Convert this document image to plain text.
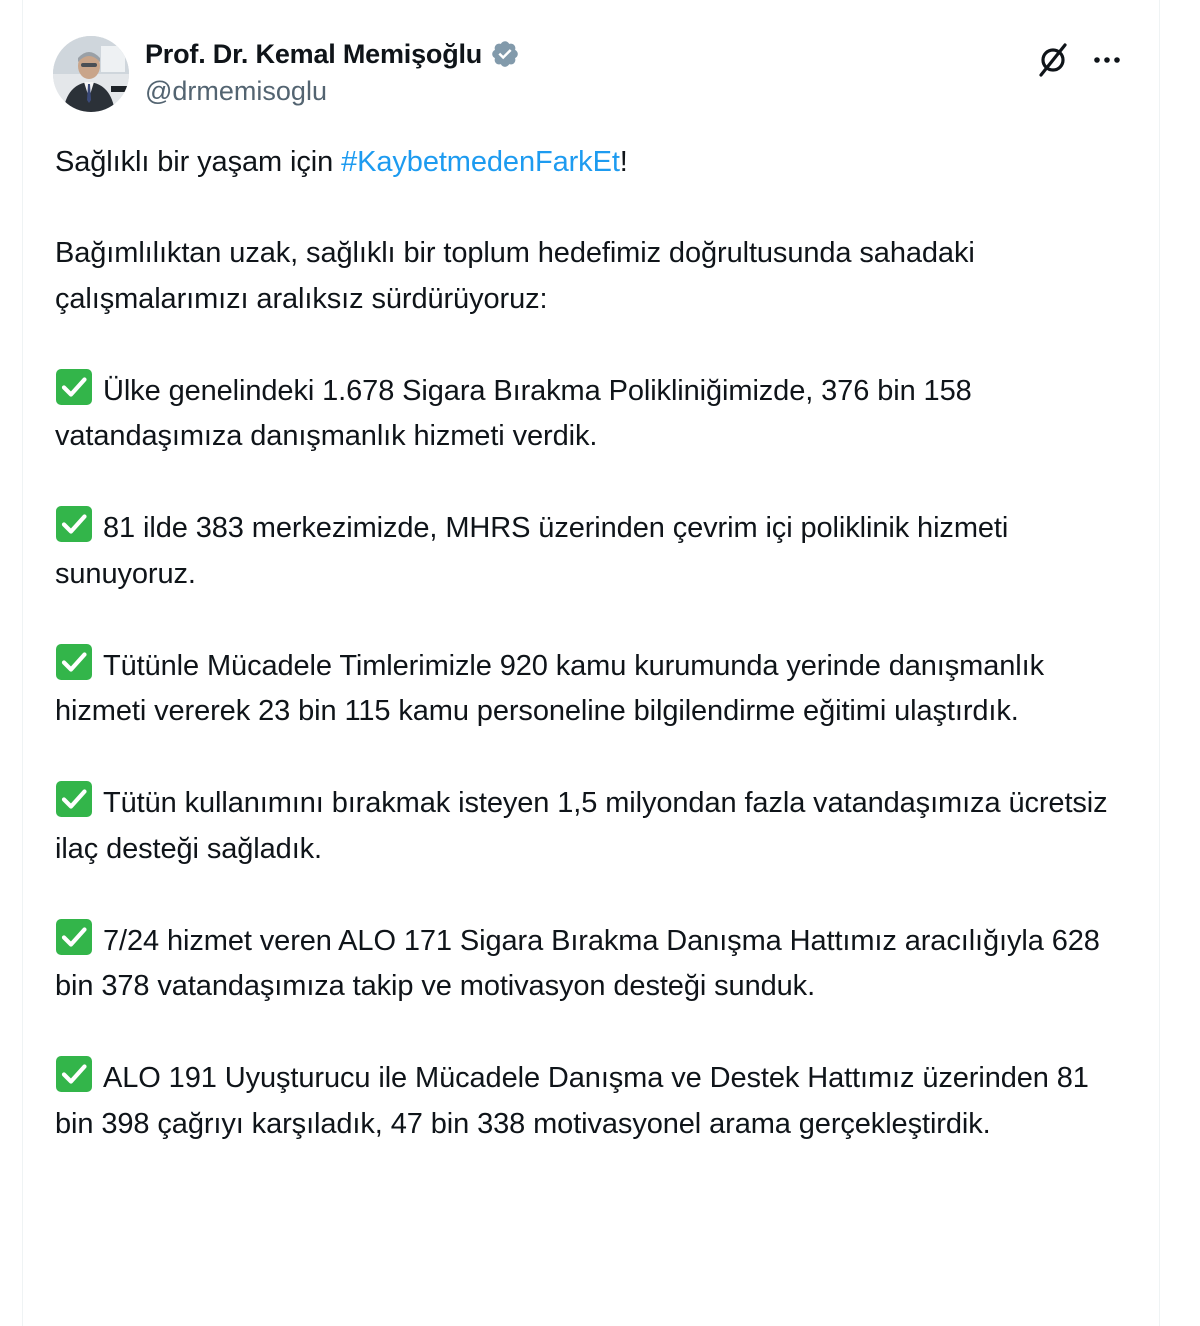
Prof. Dr. Kemal Memişoğlu
@drmemisoglu
Sağlıklı bir yaşam için #KaybetmedenFarkEt!
Bağımlılıktan uzak, sağlıklı bir toplum hedefimiz doğrultusunda sahadaki çalışmalarımızı aralıksız sürdürüyoruz:
Ülke genelindeki 1.678 Sigara Bırakma Polikliniğimizde, 376 bin 158 vatandaşımıza danışmanlık hizmeti verdik.
81 ilde 383 merkezimizde, MHRS üzerinden çevrim içi poliklinik hizmeti sunuyoruz.
Tütünle Mücadele Timlerimizle 920 kamu kurumunda yerinde danışmanlık hizmeti vererek 23 bin 115 kamu personeline bilgilendirme eğitimi ulaştırdık.
Tütün kullanımını bırakmak isteyen 1,5 milyondan fazla vatandaşımıza ücretsiz ilaç desteği sağladık.
7/24 hizmet veren ALO 171 Sigara Bırakma Danışma Hattımız aracılığıyla 628 bin 378 vatandaşımıza takip ve motivasyon desteği sunduk.
ALO 191 Uyuşturucu ile Mücadele Danışma ve Destek Hattımız üzerinden 81 bin 398 çağrıyı karşıladık, 47 bin 338 motivasyonel arama gerçekleştirdik.
